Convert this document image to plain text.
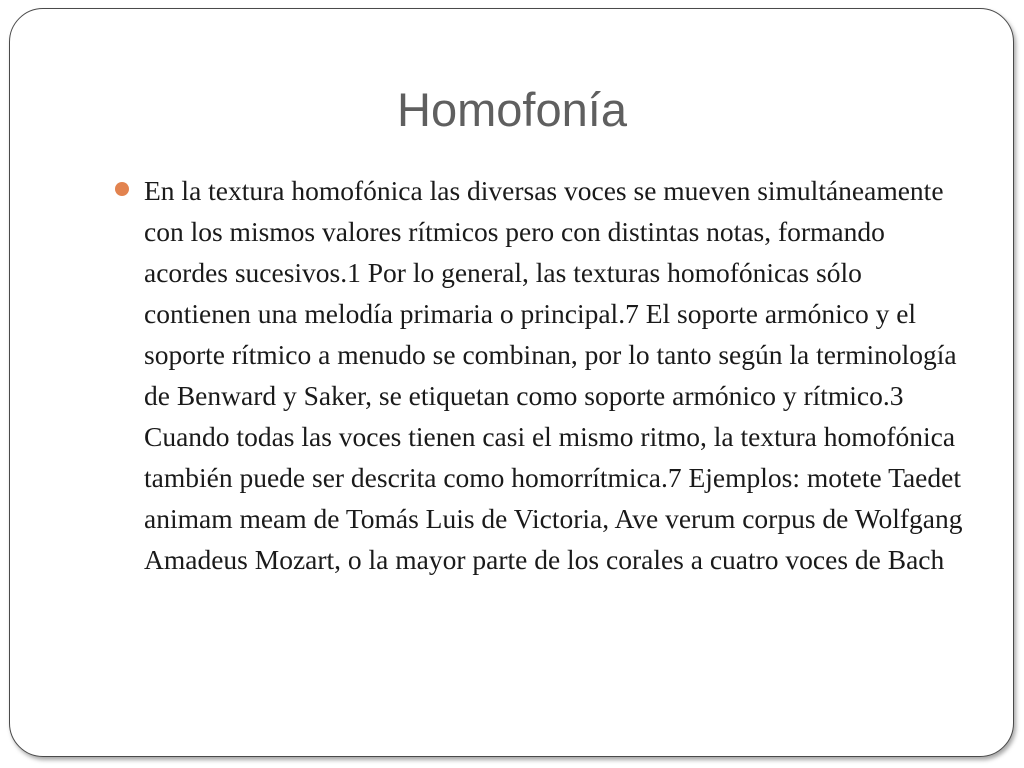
Homofonía
En la textura homofónica las diversas voces se mueven simultáneamente con los mismos valores rítmicos pero con distintas notas, formando acordes sucesivos.1 Por lo general, las texturas homofónicas sólo contienen una melodía primaria o principal.7 El soporte armónico y el soporte rítmico a menudo se combinan, por lo tanto según la terminología de Benward y Saker, se etiquetan como soporte armónico y rítmico.3 Cuando todas las voces tienen casi el mismo ritmo, la textura homofónica también puede ser descrita como homorrítmica.7 Ejemplos: motete Taedet animam meam de Tomás Luis de Victoria, Ave verum corpus de Wolfgang Amadeus Mozart, o la mayor parte de los corales a cuatro voces de Bach
